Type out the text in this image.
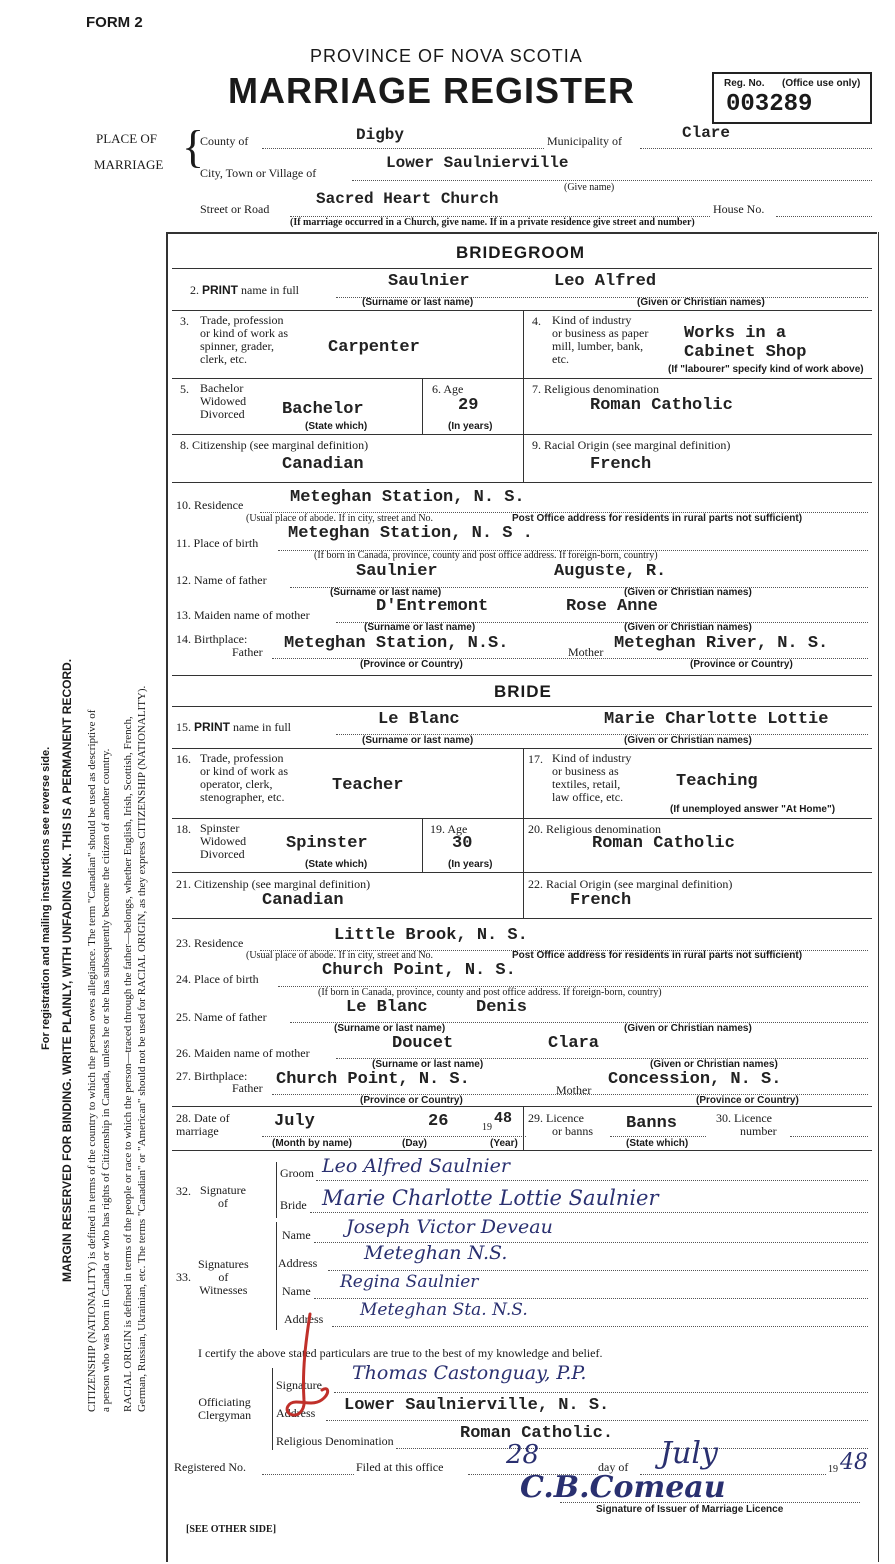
FORM 2
PROVINCE OF NOVA SCOTIA
MARRIAGE REGISTER	Reg. No. (Office use only)
003289
PLACE OF
MARRIAGE {
County of	Digby	Municipality of	Clare
City, Town or Village of
Lower Saulnierville
(Give name)
Street or Road
Sacred Heart Church
House No.
(If marriage occurred in a Church, give name. If in a private residence give street and number)
For registration and mailing instructions see reverse side. MARGIN RESERVED FOR BINDING. WRITE PLAINLY, WITH UNFADING INK. THIS IS A PERMANENT RECORD. CITIZENSHIP (NATIONALITY) is defined in terms of the country to which the person owes allegiance. The term "Canadian" should be used as descriptive of a person who was born in Canada or who has rights of Citizenship in Canada, unless he or she has subsequently become the citizen of another country. RACIAL ORIGIN is defined in terms of the people or race to which the person—traced through the father—belongs, whether English, Irish, Scottish, French, German, Russian, Ukrainian, etc. The terms "Canadian" or "American" should not be used for RACIAL ORIGIN, as they express CITIZENSHIP (NATIONALITY).
BRIDEGROOM
2. PRINT name in full	Saulnier	Leo Alfred
(Surname or last name)	(Given or Christian names)
3. Trade, profession
or kind of work as
spinner, grader,
clerk, etc.
Carpenter
4. Kind of industry
or business as paper
mill, lumber, bank,
etc.
Works in a
Cabinet Shop
(If "labourer" specify kind of work above)
5. Bachelor
Widowed
Divorced Bachelor
(State which)
6. Age
29
(In years)
7. Religious denomination
Roman Catholic
8. Citizenship (see marginal definition)
Canadian
9. Racial Origin (see marginal definition)
French
10. Residence	Meteghan Station, N. S.
(Usual place of abode. If in city, street and No.	Post Office address for residents in rural parts not sufficient)
11. Place of birth Meteghan Station, N. S .
(If born in Canada, province, county and post office address. If foreign-born, country)
12. Name of father	Saulnier	Auguste, R.
(Surname or last name)	(Given or Christian names)
13. Maiden name of mother	D'Entremont	Rose Anne
(Surname or last name)	(Given or Christian names)
14. Birthplace:
Father Meteghan Station, N.S.	Mother Meteghan River, N. S.
(Province or Country)	(Province or Country)
BRIDE
15. PRINT name in full	Le Blanc	Marie Charlotte Lottie
(Surname or last name)	(Given or Christian names)
16. Trade, profession
or kind of work as
operator, clerk,
stenographer, etc.
Teacher
17. Kind of industry
or business as
textiles, retail,
law office, etc.
Teaching
(If unemployed answer "At Home")
18. Spinster
Widowed
Divorced
Spinster
(State which)
19. Age
30
(In years)
20. Religious denomination
Roman Catholic
21. Citizenship (see marginal definition)
Canadian
22. Racial Origin (see marginal definition)
French
23. Residence	Little Brook, N. S.
(Usual place of abode. If in city, street and No.	Post Office address for residents in rural parts not sufficient)
24. Place of birth	Church Point, N. S.
(If born in Canada, province, county and post office address. If foreign-born, country)
25. Name of father	Le Blanc	Denis
(Surname or last name)	(Given or Christian names)
26. Maiden name of mother	Doucet	Clara
(Surname or last name)	(Given or Christian names)
27. Birthplace:
Father Church Point, N. S.
Mother
Concession, N. S.
(Province or Country)	(Province or Country)
28. Date of
marriage	July	26	19
48
(Month by name)	(Day)	(Year)
29. Licence
or banns Banns
(State which)
30. Licence
number
32. Signature
of
Groom Leo Alfred Saulnier
Bride Marie Charlotte Lottie Saulnier
33.
Signatures
of
Witnesses
Name Joseph Victor Deveau
Address Meteghan N.S.
Name Regina Saulnier
Address Meteghan Sta. N.S.
I certify the above stated particulars are true to the best of my knowledge and belief.
Officiating
Clergyman
Signature
Thomas Castonguay, P.P.
Address Lower Saulnierville, N. S.
Religious Denomination	Roman Catholic.
Registered No.	Filed at this office 28	day of July	19 48
C.B.Comeau
Signature of Issuer of Marriage Licence
[SEE OTHER SIDE]
